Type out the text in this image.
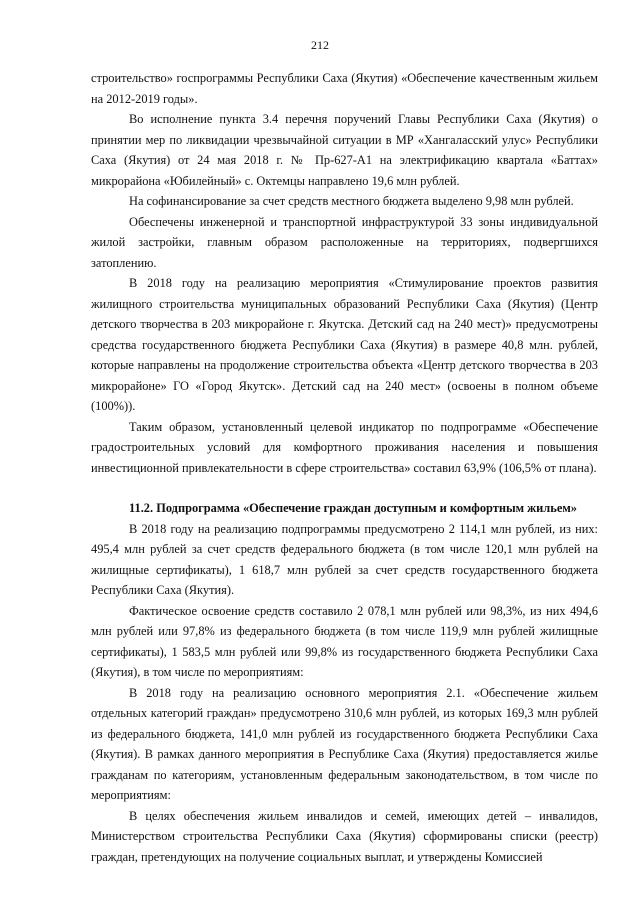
212

строительство» госпрограммы Республики Саха (Якутия) «Обеспечение качественным жильем на 2012-2019 годы».

Во исполнение пункта 3.4 перечня поручений Главы Республики Саха (Якутия) о принятии мер по ликвидации чрезвычайной ситуации в МР «Хангаласский улус» Республики Саха (Якутия) от 24 мая 2018 г. № Пр-627-А1 на электрификацию квартала «Баттах» микрорайона «Юбилейный» с. Октемцы направлено 19,6 млн рублей.

На софинансирование за счет средств местного бюджета выделено 9,98 млн рублей.

Обеспечены инженерной и транспортной инфраструктурой 33 зоны индивидуальной жилой застройки, главным образом расположенные на территориях, подвергшихся затоплению.

В 2018 году на реализацию мероприятия «Стимулирование проектов развития жилищного строительства муниципальных образований Республики Саха (Якутия) (Центр детского творчества в 203 микрорайоне г. Якутска. Детский сад на 240 мест)» предусмотрены средства государственного бюджета Республики Саха (Якутия) в размере 40,8 млн. рублей, которые направлены на продолжение строительства объекта «Центр детского творчества в 203 микрорайоне» ГО «Город Якутск». Детский сад на 240 мест» (освоены в полном объеме (100%)).

Таким образом, установленный целевой индикатор по подпрограмме «Обеспечение градостроительных условий для комфортного проживания населения и повышения инвестиционной привлекательности в сфере строительства» составил 63,9% (106,5% от плана).

11.2. Подпрограмма «Обеспечение граждан доступным и комфортным жильем»

В 2018 году на реализацию подпрограммы предусмотрено 2 114,1 млн рублей, из них: 495,4 млн рублей за счет средств федерального бюджета (в том числе 120,1 млн рублей на жилищные сертификаты), 1 618,7 млн рублей за счет средств государственного бюджета Республики Саха (Якутия).

Фактическое освоение средств составило 2 078,1 млн рублей или 98,3%, из них 494,6 млн рублей или 97,8% из федерального бюджета (в том числе 119,9 млн рублей жилищные сертификаты), 1 583,5 млн рублей или 99,8% из государственного бюджета Республики Саха (Якутия), в том числе по мероприятиям:

В 2018 году на реализацию основного мероприятия 2.1. «Обеспечение жильем отдельных категорий граждан» предусмотрено 310,6 млн рублей, из которых 169,3 млн рублей из федерального бюджета, 141,0 млн рублей из государственного бюджета Республики Саха (Якутия). В рамках данного мероприятия в Республике Саха (Якутия) предоставляется жилье гражданам по категориям, установленным федеральным законодательством, в том числе по мероприятиям:

В целях обеспечения жильем инвалидов и семей, имеющих детей – инвалидов, Министерством строительства Республики Саха (Якутия) сформированы списки (реестр) граждан, претендующих на получение социальных выплат, и утверждены Комиссией
